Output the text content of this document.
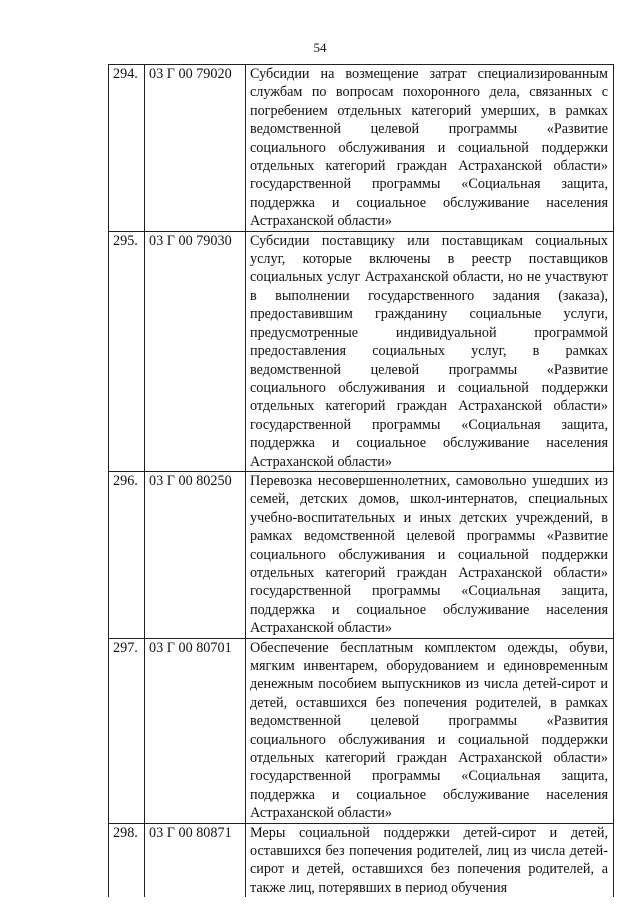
54
294.	03 Г 00 79020	Субсидии на возмещение затрат специализированным службам по вопросам похоронного дела, связанных с погребением отдельных категорий умерших, в рамках ведомственной целевой программы «Развитие социального обслуживания и социальной поддержки отдельных категорий граждан Астраханской области» государственной программы «Социальная защита, поддержка и социальное обслуживание населения Астраханской области»
295.	03 Г 00 79030	Субсидии поставщику или поставщикам социальных услуг, которые включены в реестр поставщиков социальных услуг Астраханской области, но не участвуют в выполнении государственного задания (заказа), предоставившим гражданину социальные услуги, предусмотренные индивидуальной программой предоставления социальных услуг, в рамках ведомственной целевой программы «Развитие социального обслуживания и социальной поддержки отдельных категорий граждан Астраханской области» государственной программы «Социальная защита, поддержка и социальное обслуживание населения Астраханской области»
296.	03 Г 00 80250	Перевозка несовершеннолетних, самовольно ушедших из семей, детских домов, школ-интернатов, специальных учебно-воспитательных и иных детских учреждений, в рамках ведомственной целевой программы «Развитие социального обслуживания и социальной поддержки отдельных категорий граждан Астраханской области» государственной программы «Социальная защита, поддержка и социальное обслуживание населения Астраханской области»
297.	03 Г 00 80701	Обеспечение бесплатным комплектом одежды, обуви, мягким инвентарем, оборудованием и единовременным денежным пособием выпускников из числа детей-сирот и детей, оставшихся без попечения родителей, в рамках ведомственной целевой программы «Развития социального обслуживания и социальной поддержки отдельных категорий граждан Астраханской области» государственной программы «Социальная защита, поддержка и социальное обслуживание населения Астраханской области»
298.	03 Г 00 80871	Меры социальной поддержки детей-сирот и детей, оставшихся без попечения родителей, лиц из числа детей-сирот и детей, оставшихся без попечения родителей, а также лиц, потерявших в период обучения
